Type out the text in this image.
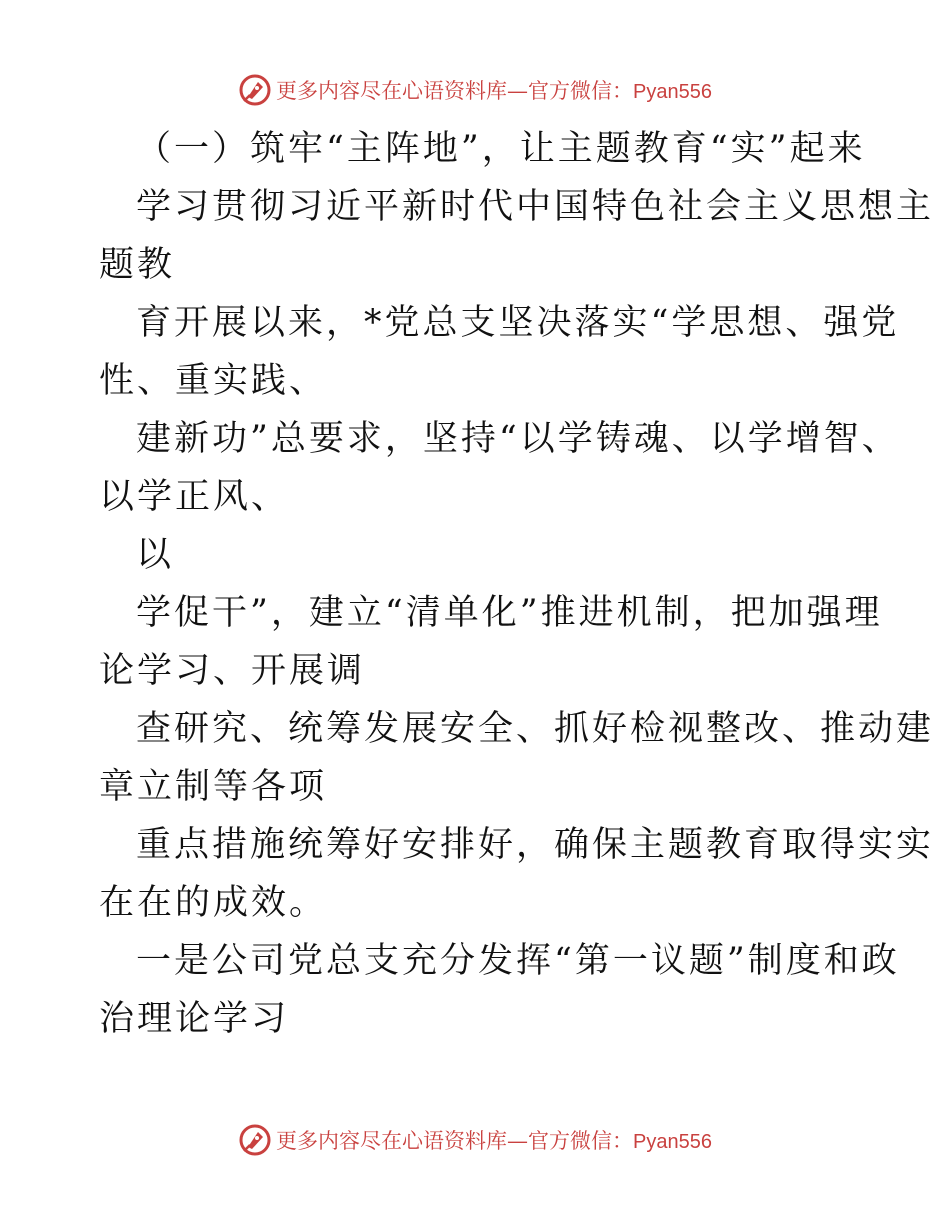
更多内容尽在心语资料库—官方微信：Pyan556
（一）筑牢“主阵地”，让主题教育“实”起来
学习贯彻习近平新时代中国特色社会主义思想主
题教
育开展以来，*党总支坚决落实“学思想、强党
性、重实践、
建新功”总要求，坚持“以学铸魂、以学增智、
以学正风、
以
学促干”，建立“清单化”推进机制，把加强理
论学习、开展调
查研究、统筹发展安全、抓好检视整改、推动建
章立制等各项
重点措施统筹好安排好，确保主题教育取得实实
在在的成效。
一是公司党总支充分发挥“第一议题”制度和政
治理论学习
更多内容尽在心语资料库—官方微信：Pyan556
